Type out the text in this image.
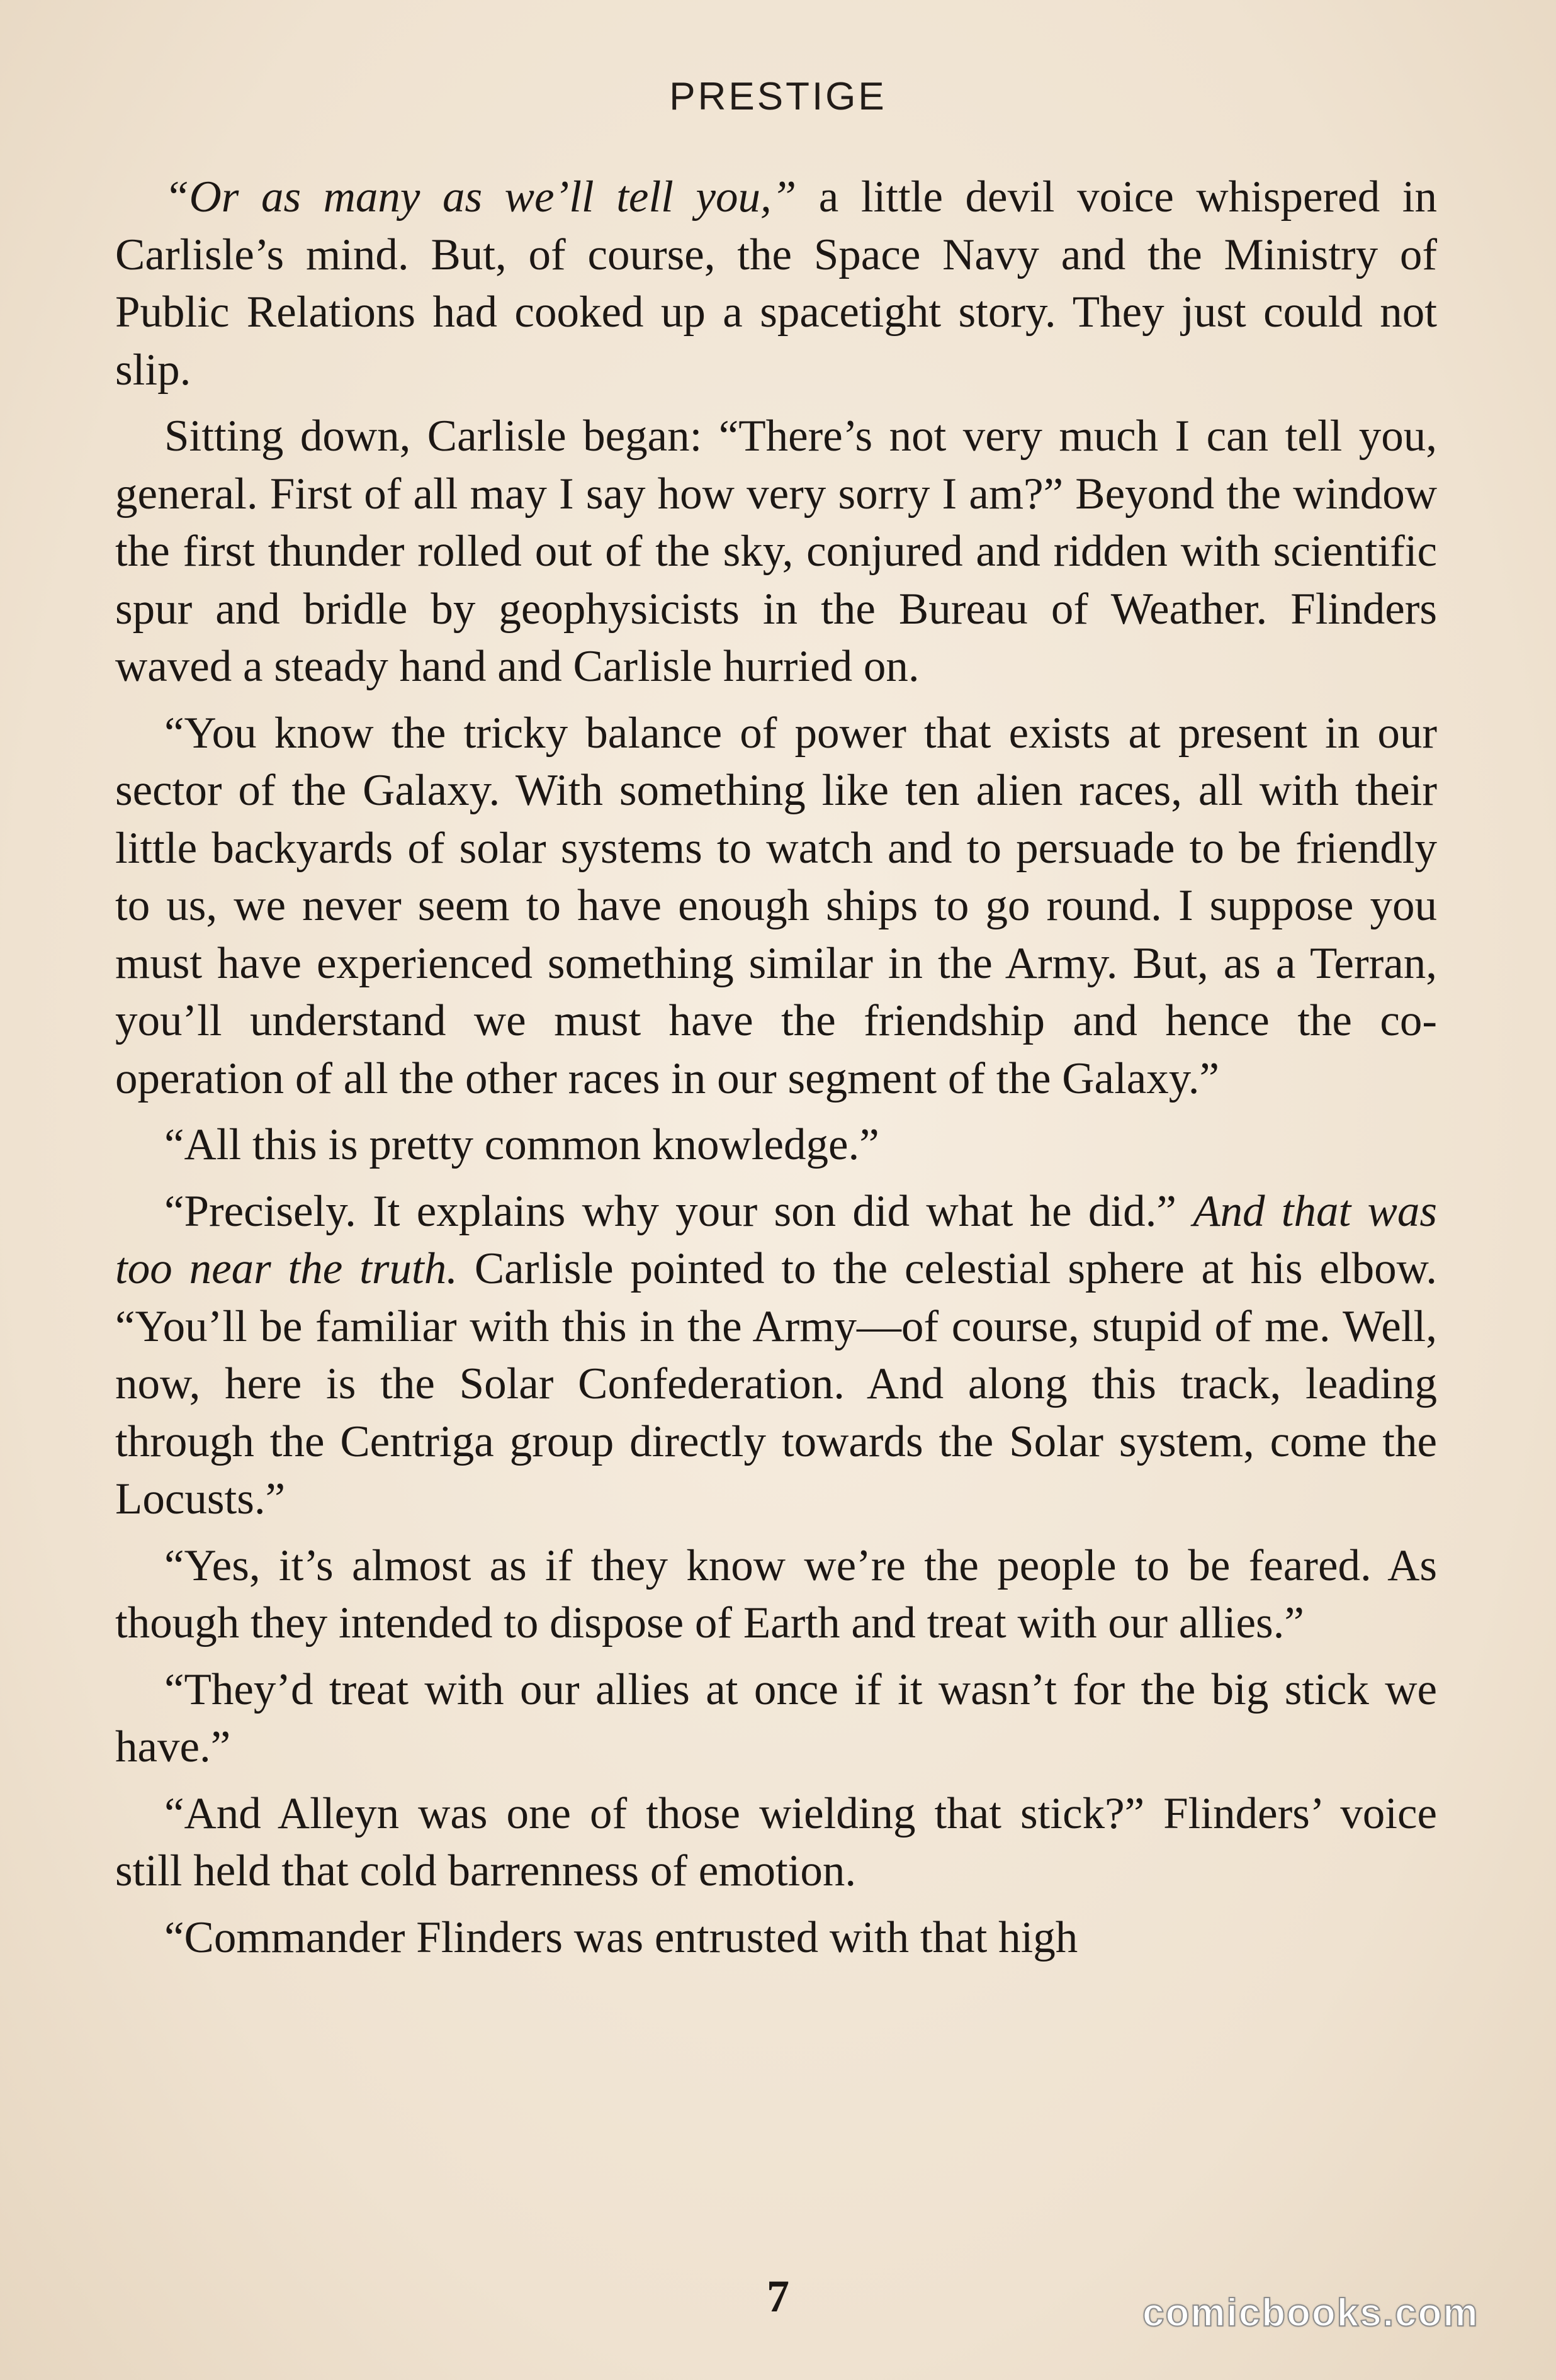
PRESTIGE

“Or as many as we’ll tell you,” a little devil voice whispered in Carlisle’s mind. But, of course, the Space Navy and the Ministry of Public Relations had cooked up a spacetight story. They just could not slip.

Sitting down, Carlisle began: “There’s not very much I can tell you, general. First of all may I say how very sorry I am?” Beyond the window the first thunder rolled out of the sky, conjured and ridden with scientific spur and bridle by geophysicists in the Bureau of Weather. Flinders waved a steady hand and Carlisle hurried on.

“You know the tricky balance of power that exists at present in our sector of the Galaxy. With something like ten alien races, all with their little backyards of solar systems to watch and to persuade to be friendly to us, we never seem to have enough ships to go round. I suppose you must have experienced something similar in the Army. But, as a Terran, you’ll understand we must have the friendship and hence the co-operation of all the other races in our segment of the Galaxy.”

“All this is pretty common knowledge.”

“Precisely. It explains why your son did what he did.” And that was too near the truth. Carlisle pointed to the celestial sphere at his elbow. “You’ll be familiar with this in the Army—of course, stupid of me. Well, now, here is the Solar Confederation. And along this track, leading through the Centriga group directly towards the Solar system, come the Locusts.”

“Yes, it’s almost as if they know we’re the people to be feared. As though they intended to dispose of Earth and treat with our allies.”

“They’d treat with our allies at once if it wasn’t for the big stick we have.”

“And Alleyn was one of those wielding that stick?” Flinders’ voice still held that cold barrenness of emotion.

“Commander Flinders was entrusted with that high

7	comicbooks.com
